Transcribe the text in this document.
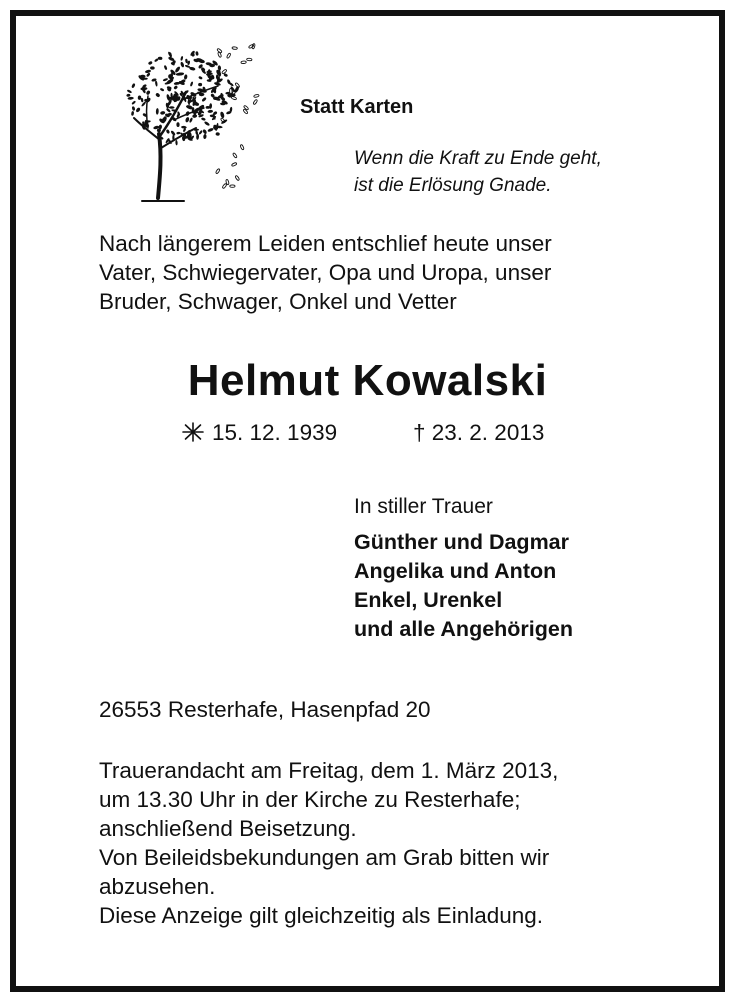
Statt Karten
Wenn die Kraft zu Ende geht,
ist die Erlösung Gnade.
Nach längerem Leiden entschlief heute unser
Vater, Schwiegervater, Opa und Uropa, unser
Bruder, Schwager, Onkel und Vetter
Helmut Kowalski
15. 12. 1939	† 23. 2. 2013
In stiller Trauer
Günther und Dagmar
Angelika und Anton
Enkel, Urenkel
und alle Angehörigen
26553 Resterhafe, Hasenpfad 20
Trauerandacht am Freitag, dem 1. März 2013,
um 13.30 Uhr in der Kirche zu Resterhafe;
anschließend Beisetzung.
Von Beileidsbekundungen am Grab bitten wir
abzusehen.
Diese Anzeige gilt gleichzeitig als Einladung.
